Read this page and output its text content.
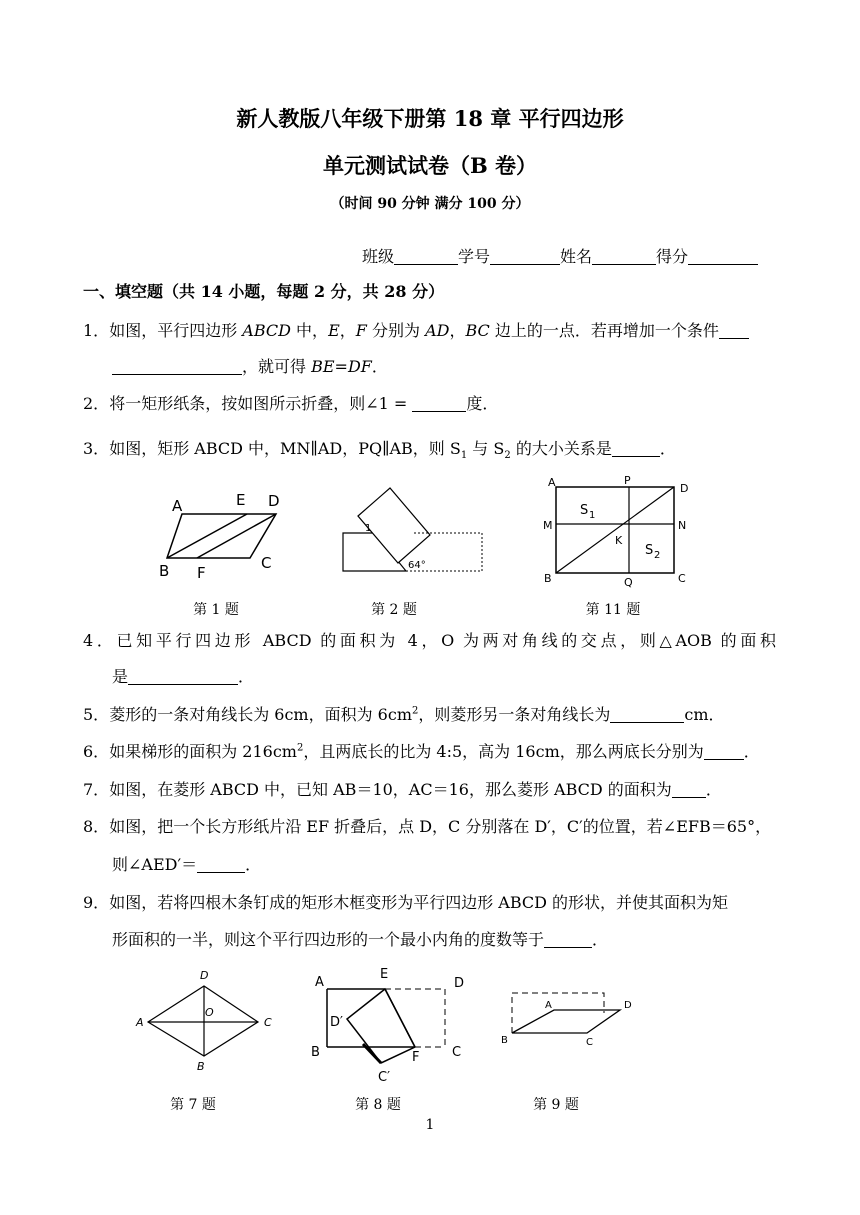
新人教版八年级下册第 18 章 平行四边形
单元测试试卷（B 卷）
（时间 90 分钟 满分 100 分）
班级	学号	姓名	得分
一、填空题（共 14 小题，每题 2 分，共 28 分）
1．如图，平行四边形 ABCD 中，E，F 分别为 AD，BC 边上的一点．若再增加一个条件
，就可得 BE=DF．
2．将一矩形纸条，按如图所示折叠，则∠1 =	度．
3．如图，矩形 ABCD 中，MN∥AD，PQ∥AB，则 $S_1$ 与 $S_2$ 的大小关系是	．
A	E D
B F
C
第 1 题
1
64°
第 2 题
A	P
D
M	N
S 1
K
S 2
B	Q	C
第 11 题
4．已知平行四边形 ABCD 的面积为 4，O 为两对角线的交点，则△AOB 的面积
是	．
5．菱形的一条对角线长为 6cm，面积为 $6cm^2$，则菱形另一条对角线长为	cm．
6．如果梯形的面积为 $216cm^2$，且两底长的比为 4:5，高为 16cm，那么两底长分别为	．
7．如图，在菱形 ABCD 中，已知 AB＝10，AC＝16，那么菱形 ABCD 的面积为 ．
8．如图，把一个长方形纸片沿 EF 折叠后，点 D，C 分别落在 D′，C′的位置，若∠EFB＝65°，
则∠AED′＝	．
9．如图，若将四根木条钉成的矩形木框变形为平行四边形 ABCD 的形状，并使其面积为矩
形面积的一半，则这个平行四边形的一个最小内角的度数等于	．
D
A
O
C
B
第 7 题
A
E
D
D′
B	F	C
C′
第 8 题
A	D
B	C
第 9 题
1
